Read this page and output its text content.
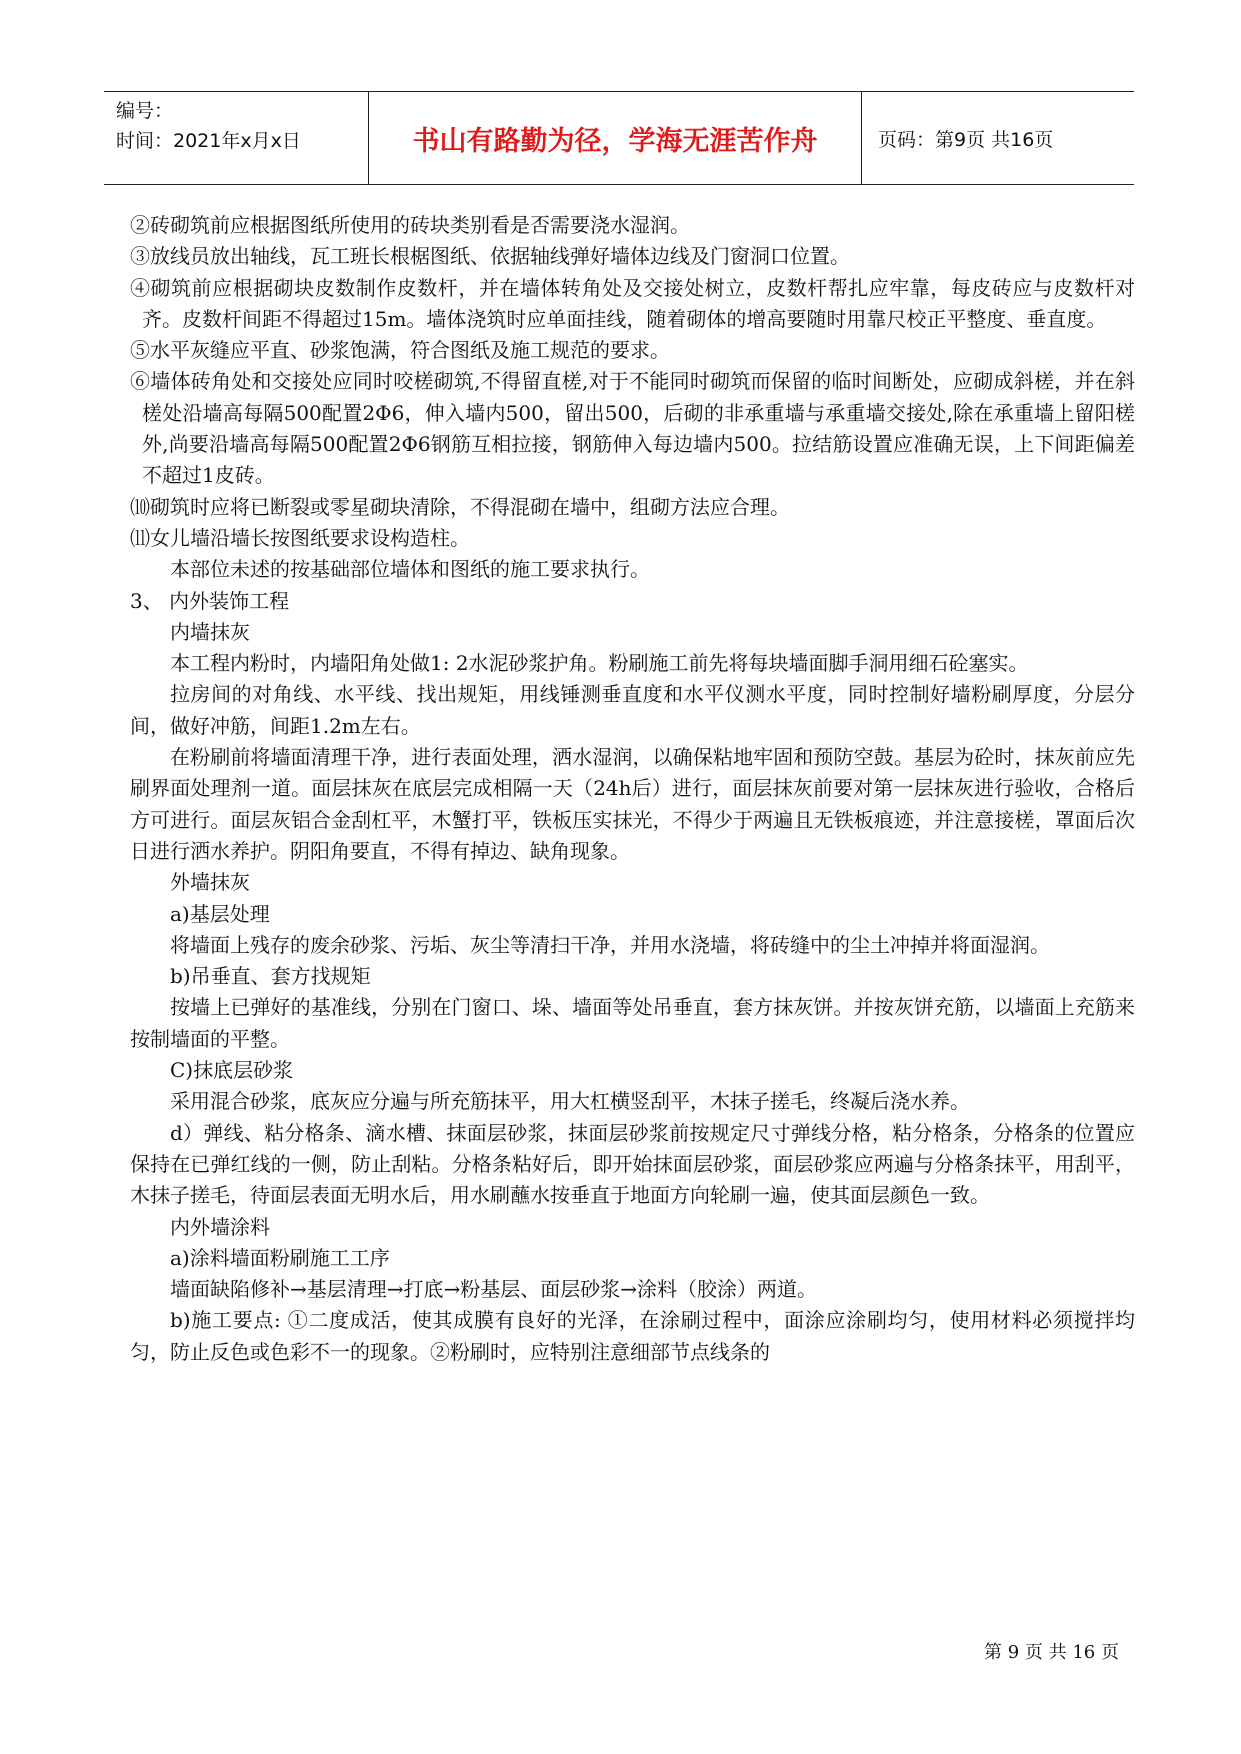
编号：
时间：2021年x月x日	书山有路勤为径，学海无涯苦作舟	页码：第9页 共16页

②砖砌筑前应根据图纸所使用的砖块类别看是否需要浇水湿润。

③放线员放出轴线，瓦工班长根椐图纸、依据轴线弹好墙体边线及门窗洞口位置。

④砌筑前应根据砌块皮数制作皮数杆，并在墙体转角处及交接处树立，皮数杆帮扎应牢靠，每皮砖应与皮数杆对齐。皮数杆间距不得超过15m。墙体浇筑时应单面挂线，随着砌体的增高要随时用靠尺校正平整度、垂直度。

⑤水平灰缝应平直、砂浆饱满，符合图纸及施工规范的要求。

⑥墙体砖角处和交接处应同时咬槎砌筑,不得留直槎,对于不能同时砌筑而保留的临时间断处，应砌成斜槎，并在斜槎处沿墙高每隔500配置2Φ6，伸入墙内500，留出500，后砌的非承重墙与承重墙交接处,除在承重墙上留阳槎外,尚要沿墙高每隔500配置2Φ6钢筋互相拉接，钢筋伸入每边墙内500。拉结筋设置应准确无误，上下间距偏差不超过1皮砖。

⑽砌筑时应将已断裂或零星砌块清除，不得混砌在墙中，组砌方法应合理。

⑾女儿墙沿墙长按图纸要求设构造柱。

本部位未述的按基础部位墙体和图纸的施工要求执行。

3、 内外装饰工程

内墙抹灰

本工程内粉时，内墙阳角处做1: 2水泥砂浆护角。粉刷施工前先将每块墙面脚手洞用细石砼塞实。

拉房间的对角线、水平线、找出规矩，用线锤测垂直度和水平仪测水平度，同时控制好墙粉刷厚度，分层分间，做好冲筋，间距1.2m左右。

在粉刷前将墙面清理干净，进行表面处理，洒水湿润，以确保粘地牢固和预防空鼓。基层为砼时，抹灰前应先刷界面处理剂一道。面层抹灰在底层完成相隔一天（24h后）进行，面层抹灰前要对第一层抹灰进行验收，合格后方可进行。面层灰铝合金刮杠平，木蟹打平，铁板压实抹光，不得少于两遍且无铁板痕迹，并注意接槎，罩面后次日进行洒水养护。阴阳角要直，不得有掉边、缺角现象。

外墙抹灰

a)基层处理

将墙面上残存的废余砂浆、污垢、灰尘等清扫干净，并用水浇墙，将砖缝中的尘土冲掉并将面湿润。

b)吊垂直、套方找规矩

按墙上已弹好的基准线，分别在门窗口、垛、墙面等处吊垂直，套方抹灰饼。并按灰饼充筋，以墙面上充筋来按制墙面的平整。

C)抹底层砂浆

采用混合砂浆，底灰应分遍与所充筋抹平，用大杠横竖刮平，木抹子搓毛，终凝后浇水养。

d）弹线、粘分格条、滴水槽、抹面层砂浆，抹面层砂浆前按规定尺寸弹线分格，粘分格条，分格条的位置应保持在已弹红线的一侧，防止刮粘。分格条粘好后，即开始抹面层砂浆，面层砂浆应两遍与分格条抹平，用刮平，木抹子搓毛，待面层表面无明水后，用水刷蘸水按垂直于地面方向轮刷一遍，使其面层颜色一致。

内外墙涂料

a)涂料墙面粉刷施工工序

墙面缺陷修补→基层清理→打底→粉基层、面层砂浆→涂料（胶涂）两道。

b)施工要点: ①二度成活，使其成膜有良好的光泽，在涂刷过程中，面涂应涂刷均匀，使用材料必须搅拌均匀，防止反色或色彩不一的现象。②粉刷时，应特别注意细部节点线条的

第 9 页 共 16 页
